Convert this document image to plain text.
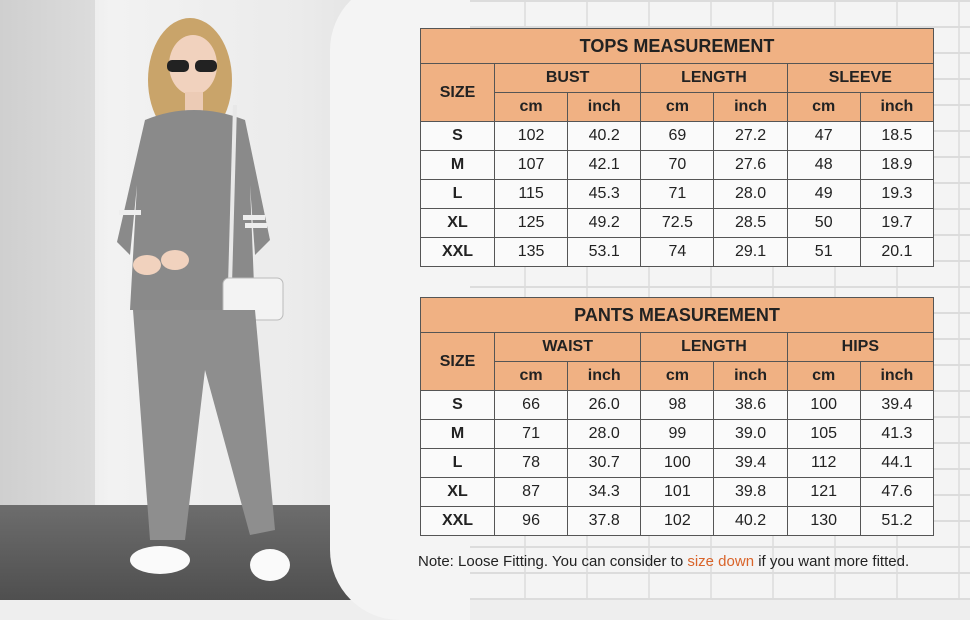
TOPS MEASUREMENT						
SIZE	BUST		LENGTH		SLEEVE	
	cm	inch	cm	inch	cm	inch
S	102	40.2	69	27.2	47	18.5
M	107	42.1	70	27.6	48	18.9
L	115	45.3	71	28.0	49	19.3
XL	125	49.2	72.5	28.5	50	19.7
XXL	135	53.1	74	29.1	51	20.1
PANTS MEASUREMENT						
SIZE	WAIST		LENGTH		HIPS	
	cm	inch	cm	inch	cm	inch
S	66	26.0	98	38.6	100	39.4
M	71	28.0	99	39.0	105	41.3
L	78	30.7	100	39.4	112	44.1
XL	87	34.3	101	39.8	121	47.6
XXL	96	37.8	102	40.2	130	51.2
Note: Loose Fitting. You can consider to size down if you want more fitted.
